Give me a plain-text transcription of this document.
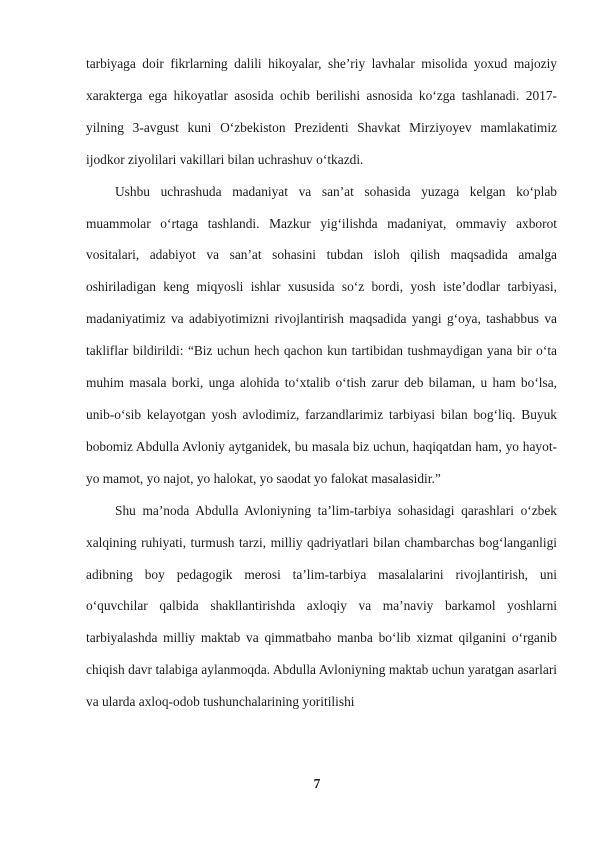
tarbiyaga doir fikrlarning dalili hikoyalar, she’riy lavhalar misolida yoxud majoziy xarakterga ega hikoyatlar asosida ochib berilishi asnosida ko‘zga tashlanadi. 2017-yilning 3-avgust kuni O‘zbekiston Prezidenti Shavkat Mirziyoyev mamlakatimiz ijodkor ziyolilari vakillari bilan uchrashuv o‘tkazdi.

Ushbu uchrashuda madaniyat va san’at sohasida yuzaga kelgan ko‘plab muammolar o‘rtaga tashlandi. Mazkur yig‘ilishda madaniyat, ommaviy axborot vositalari, adabiyot va san’at sohasini tubdan isloh qilish maqsadida amalga oshiriladigan keng miqyosli ishlar xususida so‘z bordi, yosh iste’dodlar tarbiyasi, madaniyatimiz va adabiyotimizni rivojlantirish maqsadida yangi g‘oya, tashabbus va takliflar bildirildi: “Biz uchun hech qachon kun tartibidan tushmaydigan yana bir o‘ta muhim masala borki, unga alohida to‘xtalib o‘tish zarur deb bilaman, u ham bo‘lsa, unib-o‘sib kelayotgan yosh avlodimiz, farzandlarimiz tarbiyasi bilan bog‘liq. Buyuk bobomiz Abdulla Avloniy aytganidek, bu masala biz uchun, haqiqatdan ham, yo hayot-yo mamot, yo najot, yo halokat, yo saodat yo falokat masalasidir.”

Shu ma’noda Abdulla Avloniyning ta’lim-tarbiya sohasidagi qarashlari o‘zbek xalqining ruhiyati, turmush tarzi, milliy qadriyatlari bilan chambarchas bog‘langanligi adibning boy pedagogik merosi ta’lim-tarbiya masalalarini rivojlantirish, uni o‘quvchilar qalbida shakllantirishda axloqiy va ma’naviy barkamol yoshlarni tarbiyalashda milliy maktab va qimmatbaho manba bo‘lib xizmat qilganini o‘rganib chiqish davr talabiga aylanmoqda. Abdulla Avloniyning maktab uchun yaratgan asarlari va ularda axloq-odob tushunchalarining yoritilishi

7
